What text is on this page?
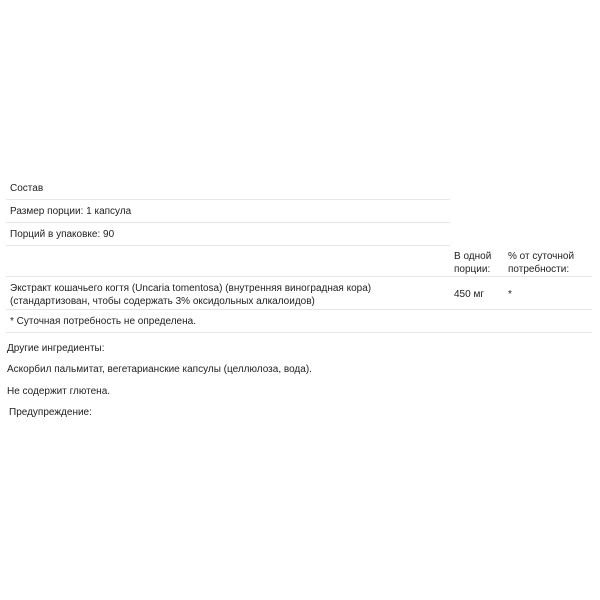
Состав
Размер порции: 1 капсула
Порций в упаковке: 90
В одной порции:
% от суточной потребности:
Экстракт кошачьего когтя (Uncaria tomentosa) (внутренняя виноградная кора) (стандартизован, чтобы содержать 3% оксидольных алкалоидов)
450 мг *
* Суточная потребность не определена.
Другие ингредиенты:
Аскорбил пальмитат, вегетарианские капсулы (целлюлоза, вода).
Не содержит глютена.
Предупреждение:
